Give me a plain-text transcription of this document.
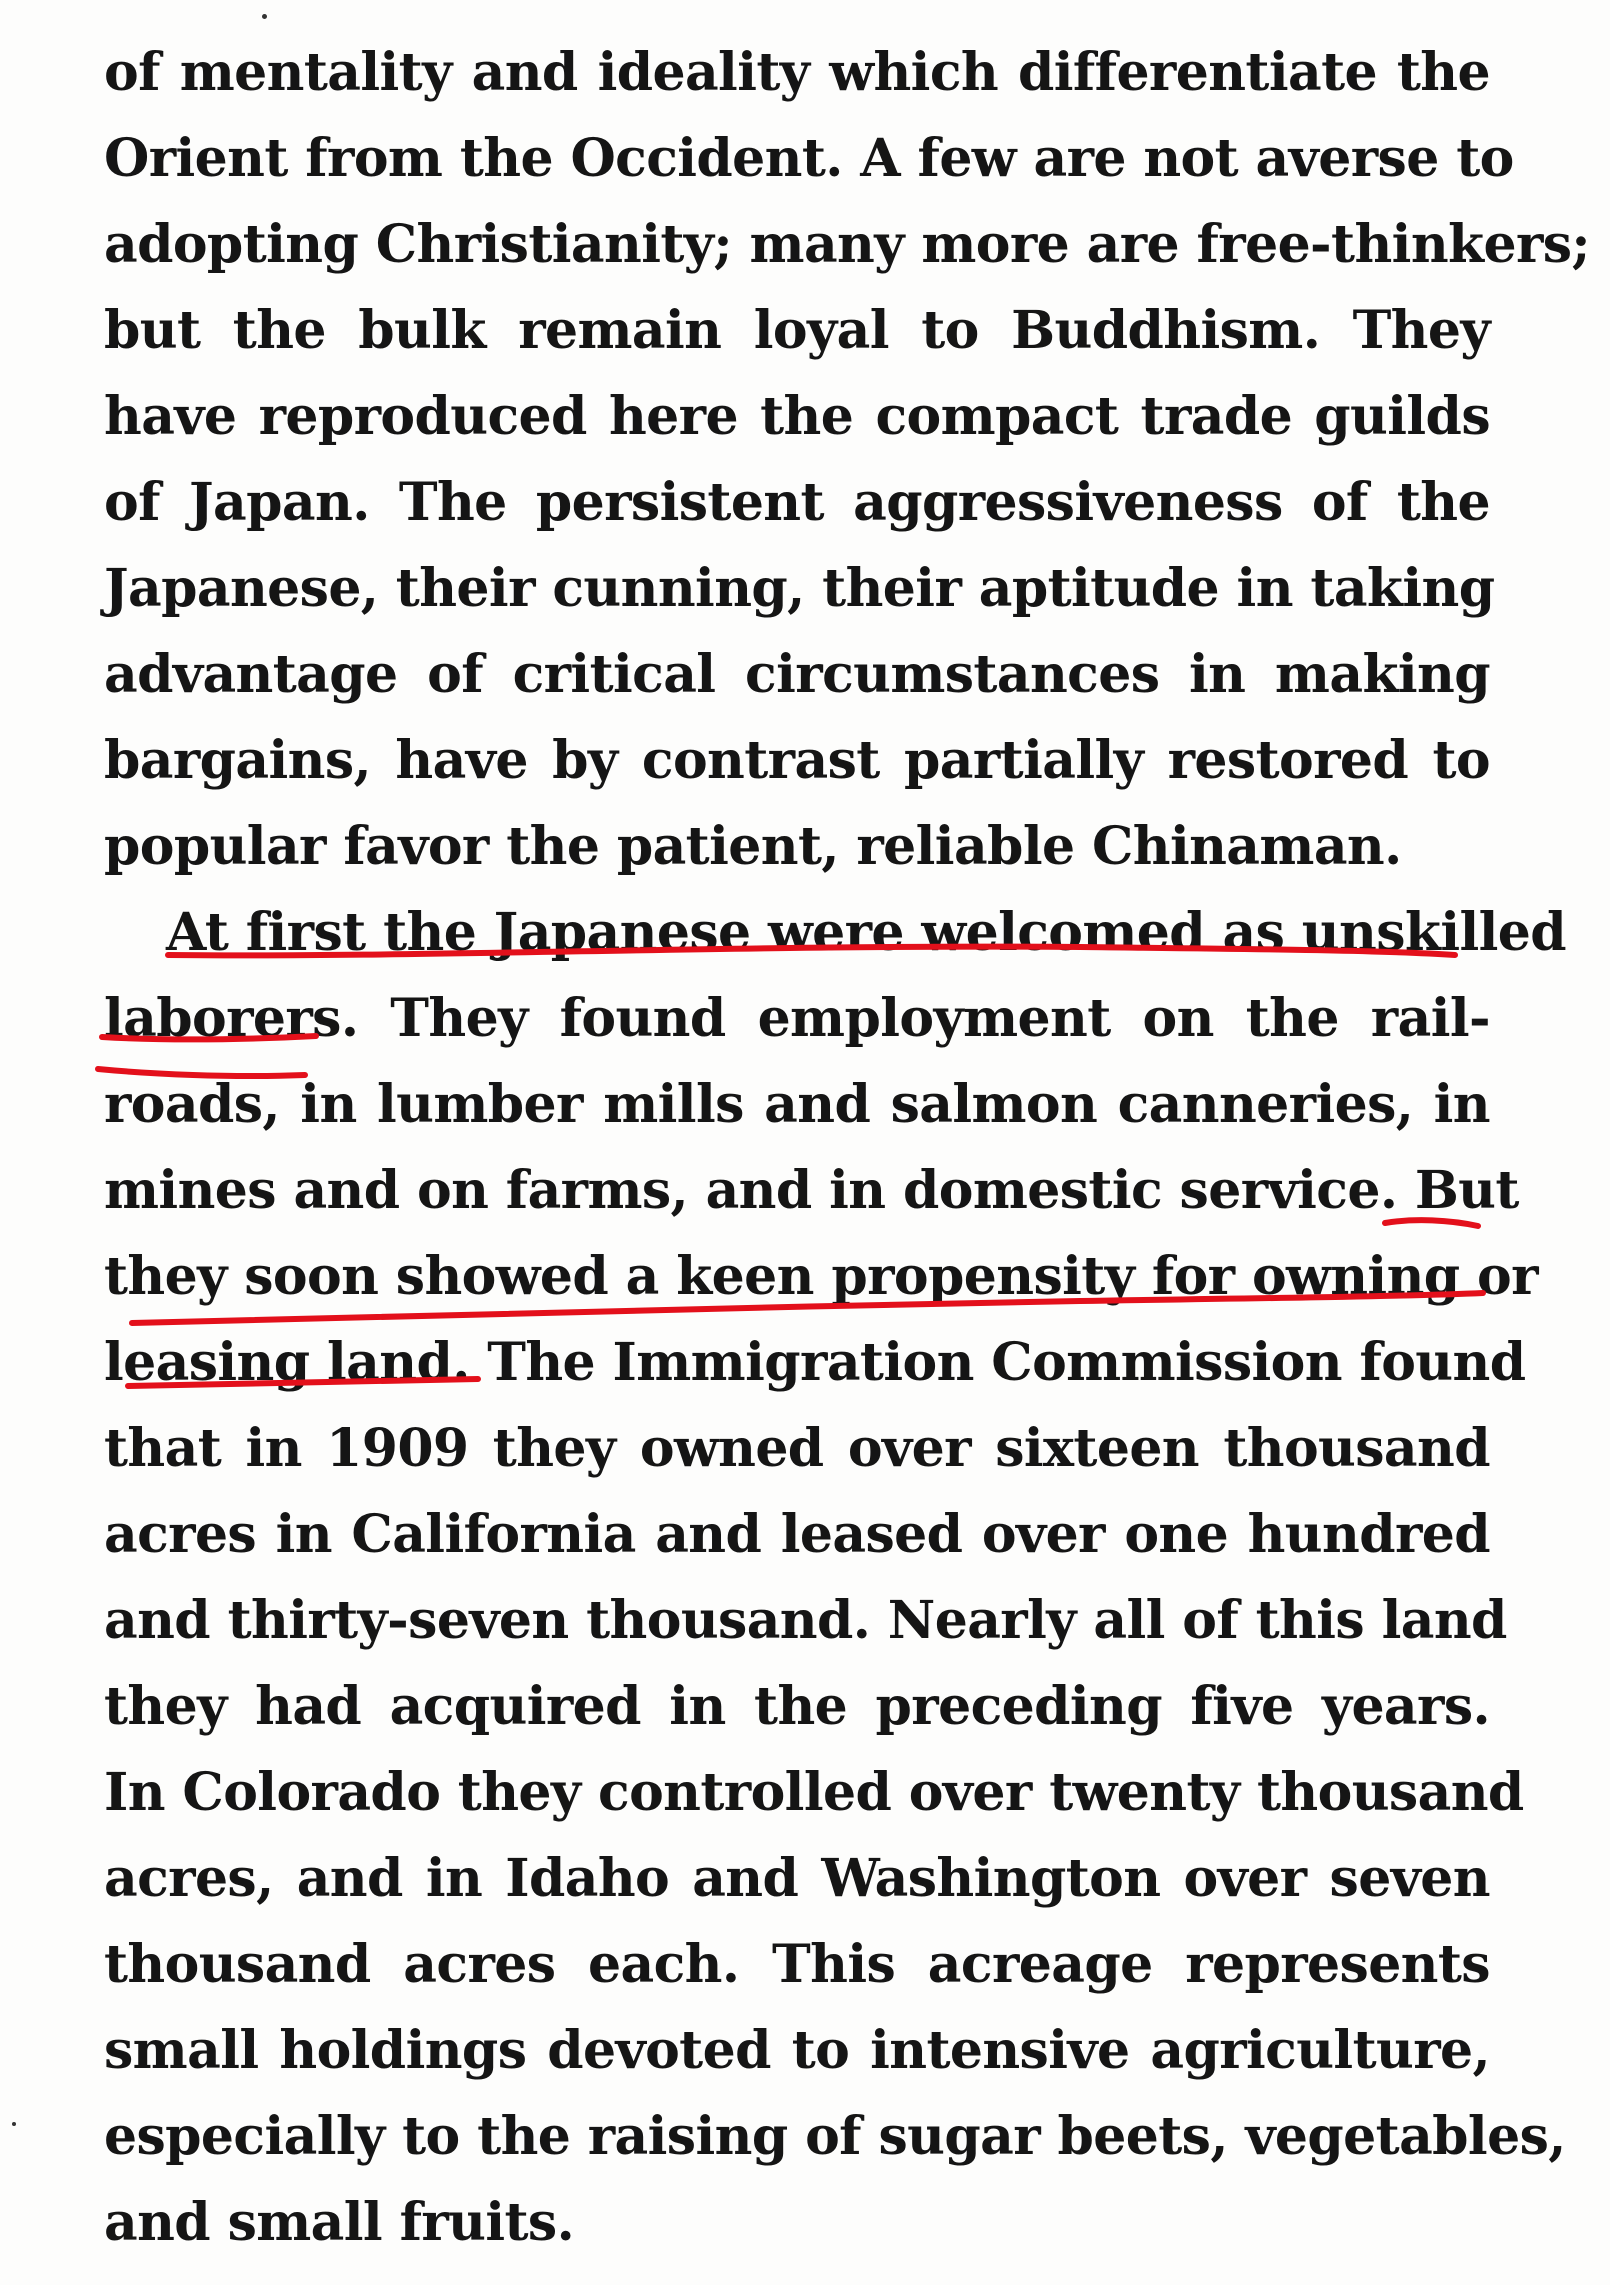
of mentality and ideality which differentiate the
Orient from the Occident. A few are not averse to
adopting Christianity; many more are free-thinkers;
but the bulk remain loyal to Buddhism. They
have reproduced here the compact trade guilds
of Japan. The persistent aggressiveness of the
Japanese, their cunning, their aptitude in taking
advantage of critical circumstances in making
bargains, have by contrast partially restored to
popular favor the patient, reliable Chinaman.
At first the Japanese were welcomed as unskilled
laborers. They found employment on the rail-
roads, in lumber mills and salmon canneries, in
mines and on farms, and in domestic service. But
they soon showed a keen propensity for owning or
leasing land. The Immigration Commission found
that in 1909 they owned over sixteen thousand
acres in California and leased over one hundred
and thirty-seven thousand. Nearly all of this land
they had acquired in the preceding five years.
In Colorado they controlled over twenty thousand
acres, and in Idaho and Washington over seven
thousand acres each. This acreage represents
small holdings devoted to intensive agriculture,
especially to the raising of sugar beets, vegetables,
and small fruits.
